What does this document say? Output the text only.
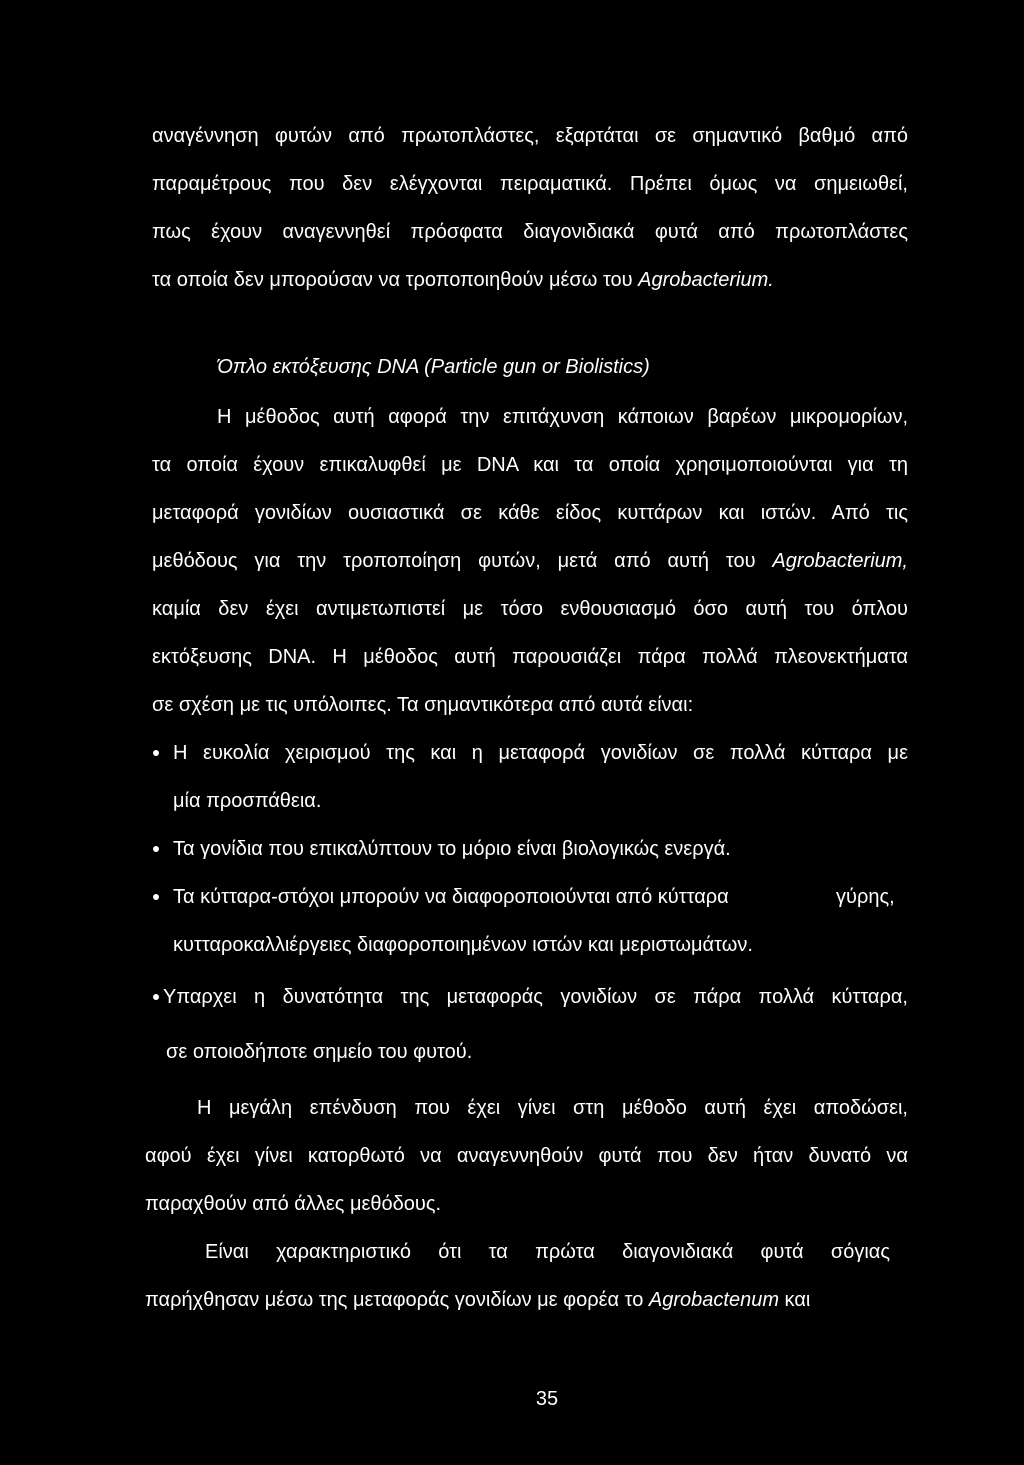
αναγέννηση φυτών από πρωτοπλάστες, εξαρτάται σε σημαντικό βαθμό από
παραμέτρους που δεν ελέγχονται πειραματικά. Πρέπει όμως να σημειωθεί,
πως έχουν αναγεννηθεί πρόσφατα διαγονιδιακά φυτά από πρωτοπλάστες
τα οποία δεν μπορούσαν να τροποποιηθούν μέσω του Agrobacterium.
Όπλο εκτόξευσης DNA (Particle gun or Biolistics)
Η μέθοδος αυτή αφορά την επιτάχυνση κάποιων βαρέων μικρομορίων,
τα οποία έχουν επικαλυφθεί με DNA και τα οποία χρησιμοποιούνται για τη
μεταφορά γονιδίων ουσιαστικά σε κάθε είδος κυττάρων και ιστών. Από τις
μεθόδους για την τροποποίηση φυτών, μετά από αυτή του Agrobacterium,
καμία δεν έχει αντιμετωπιστεί με τόσο ενθουσιασμό όσο αυτή του όπλου
εκτόξευσης DNA. Η μέθοδος αυτή παρουσιάζει πάρα πολλά πλεονεκτήματα
σε σχέση με τις υπόλοιπες. Τα σημαντικότερα από αυτά είναι:
Η ευκολία χειρισμού της και η μεταφορά γονιδίων σε πολλά κύτταρα με
μία προσπάθεια.
Τα γονίδια που επικαλύπτουν το μόριο είναι βιολογικώς ενεργά.
Τα κύτταρα-στόχοι μπορούν να διαφοροποιούνται από κύτταρα	γύρης,
κυτταροκαλλιέργειες διαφοροποιημένων ιστών και μεριστωμάτων.
Υπαρχει η δυνατότητα της μεταφοράς γονιδίων σε πάρα πολλά κύτταρα,
σε οποιοδήποτε σημείο του φυτού.
Η μεγάλη επένδυση που έχει γίνει στη μέθοδο αυτή έχει αποδώσει,
αφού έχει γίνει κατορθωτό να αναγεννηθούν φυτά που δεν ήταν δυνατό να
παραχθούν από άλλες μεθόδους.
Είναι χαρακτηριστικό ότι τα πρώτα διαγονιδιακά φυτά σόγιας
παρήχθησαν μέσω της μεταφοράς γονιδίων με φορέα το Agrobactenum και
35
